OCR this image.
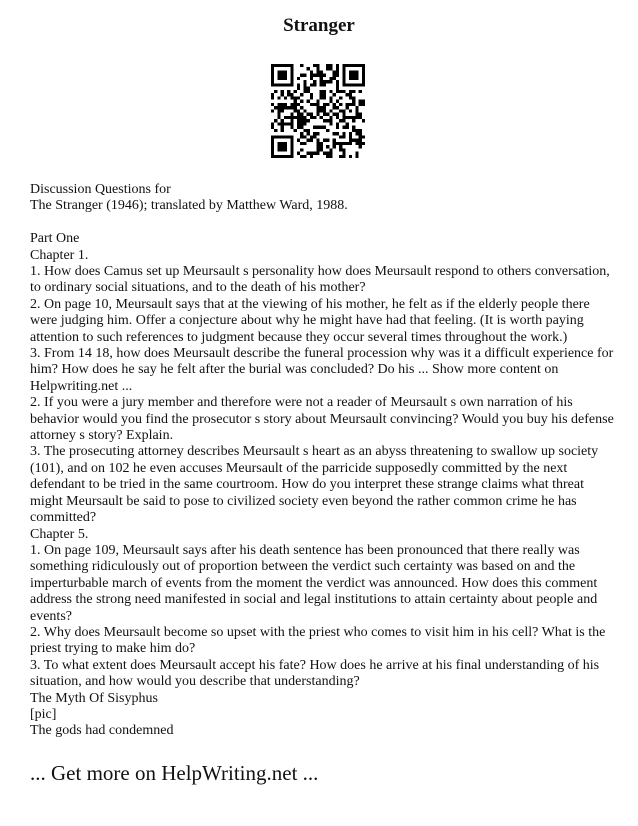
Stranger

Discussion Questions for

The Stranger (1946); translated by Matthew Ward, 1988.

Part One

Chapter 1.

1. How does Camus set up Meursault s personality how does Meursault respond to others conversation, to ordinary social situations, and to the death of his mother?

2. On page 10, Meursault says that at the viewing of his mother, he felt as if the elderly people there were judging him. Offer a conjecture about why he might have had that feeling. (It is worth paying attention to such references to judgment because they occur several times throughout the work.)

3. From 14 18, how does Meursault describe the funeral procession why was it a difficult experience for him? How does he say he felt after the burial was concluded? Do his ... Show more content on Helpwriting.net ...

2. If you were a jury member and therefore were not a reader of Meursault s own narration of his behavior would you find the prosecutor s story about Meursault convincing? Would you buy his defense attorney s story? Explain.

3. The prosecuting attorney describes Meursault s heart as an abyss threatening to swallow up society (101), and on 102 he even accuses Meursault of the parricide supposedly committed by the next defendant to be tried in the same courtroom. How do you interpret these strange claims what threat might Meursault be said to pose to civilized society even beyond the rather common crime he has committed?

Chapter 5.

1. On page 109, Meursault says after his death sentence has been pronounced that there really was something ridiculously out of proportion between the verdict such certainty was based on and the imperturbable march of events from the moment the verdict was announced. How does this comment address the strong need manifested in social and legal institutions to attain certainty about people and events?

2. Why does Meursault become so upset with the priest who comes to visit him in his cell? What is the priest trying to make him do?

3. To what extent does Meursault accept his fate? How does he arrive at his final understanding of his situation, and how would you describe that understanding?

The Myth Of Sisyphus

[pic]

The gods had condemned

... Get more on HelpWriting.net ...
